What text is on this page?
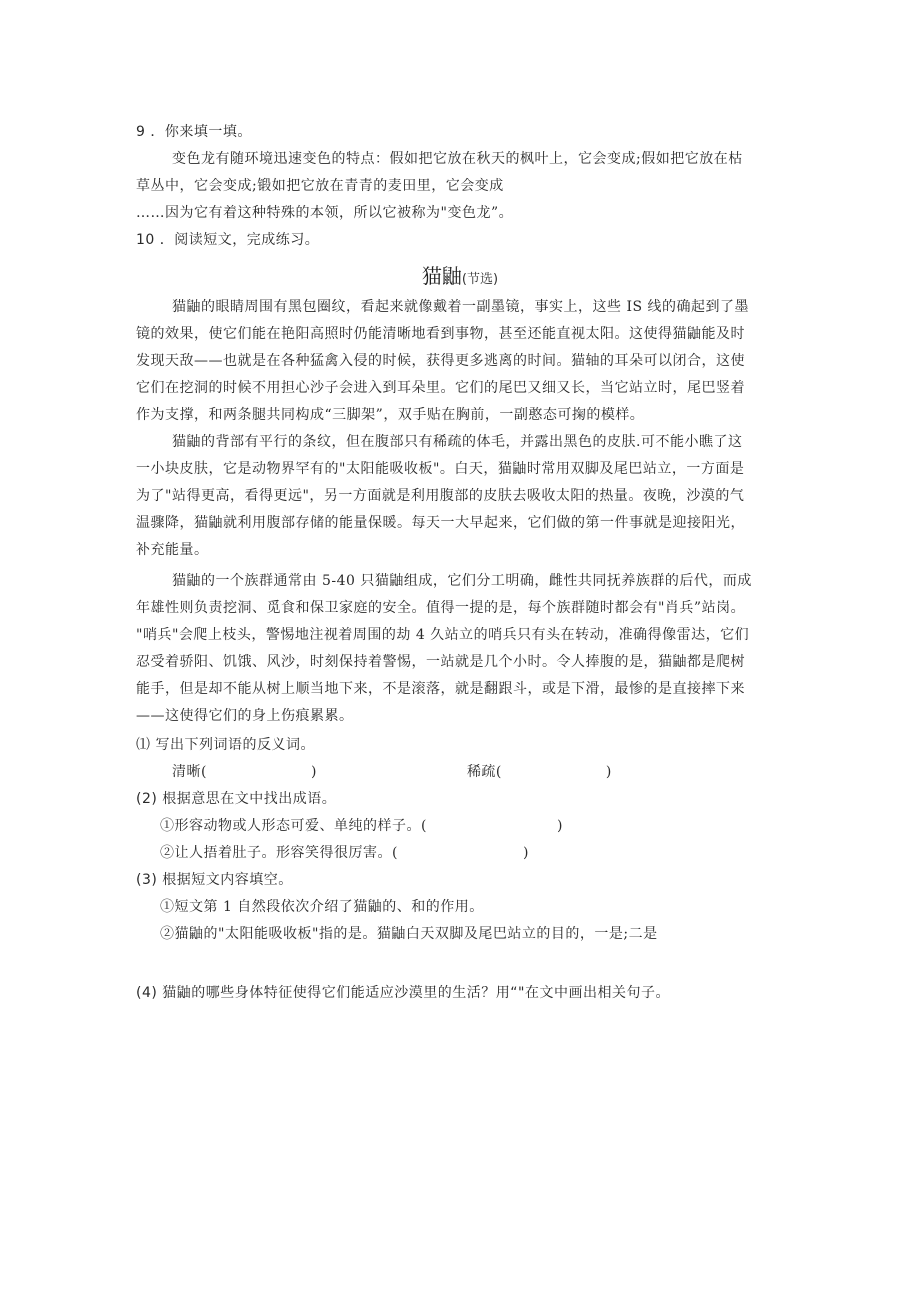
9 ．你来填一填。
变色龙有随环境迅速变色的特点：假如把它放在秋天的枫叶上，它会变成;假如把它放在枯
草丛中，它会变成;锻如把它放在青青的麦田里，它会变成
……因为它有着这种特殊的本领，所以它被称为"变色龙”。
10 ．阅读短文，完成练习。
猫鼬(节选)
猫鼬的眼睛周围有黑包圈纹，看起来就像戴着一副墨镜，事实上，这些 IS 线的确起到了墨
镜的效果，使它们能在艳阳高照时仍能清晰地看到事物，甚至还能直视太阳。这使得猫鼬能及时
发现天敌——也就是在各种猛禽入侵的时候，获得更多逃离的时间。猫轴的耳朵可以闭合，这使
它们在挖洞的时候不用担心沙子会进入到耳朵里。它们的尾巴又细又长，当它站立时，尾巴竖着
作为支撑，和两条腿共同构成“三脚架”，双手贴在胸前，一副憨态可掬的模样。
猫鼬的背部有平行的条纹，但在腹部只有稀疏的体毛，并露出黑色的皮肤.可不能小瞧了这
一小块皮肤，它是动物界罕有的"太阳能吸收板"。白天，猫鼬时常用双脚及尾巴站立，一方面是
为了"站得更高，看得更远"，另一方面就是利用腹部的皮肤去吸收太阳的热量。夜晚，沙漠的气
温骤降，猫鼬就利用腹部存储的能量保暖。每天一大早起来，它们做的第一件事就是迎接阳光，
补充能量。
猫鼬的一个族群通常由 5-40 只猫鼬组成，它们分工明确，雌性共同抚养族群的后代，而成
年雄性则负责挖洞、觅食和保卫家庭的安全。值得一提的是，每个族群随时都会有"肖兵”站岗。
"哨兵"会爬上枝头，警惕地注视着周围的劫 4 久站立的哨兵只有头在转动，准确得像雷达，它们
忍受着骄阳、饥饿、风沙，时刻保持着警惕，一站就是几个小时。令人捧腹的是，猫鼬都是爬树
能手，但是却不能从树上顺当地下来，不是滚落，就是翻跟斗，或是下滑，最惨的是直接摔下来
——这使得它们的身上伤痕累累。
⑴ 写出下列词语的反义词。
清晰(	)	稀疏(	)
(2) 根据意思在文中找出成语。
①形容动物或人形态可爱、单纯的样子。(	)
②让人捂着肚子。形容笑得很厉害。(	)
(3) 根据短文内容填空。
①短文第 1 自然段依次介绍了猫鼬的、和的作用。
②猫鼬的"太阳能吸收板"指的是。猫鼬白天双脚及尾巴站立的目的，一是;二是
(4) 猫鼬的哪些身体特征使得它们能适应沙漠里的生活？用“"在文中画出相关句子。
